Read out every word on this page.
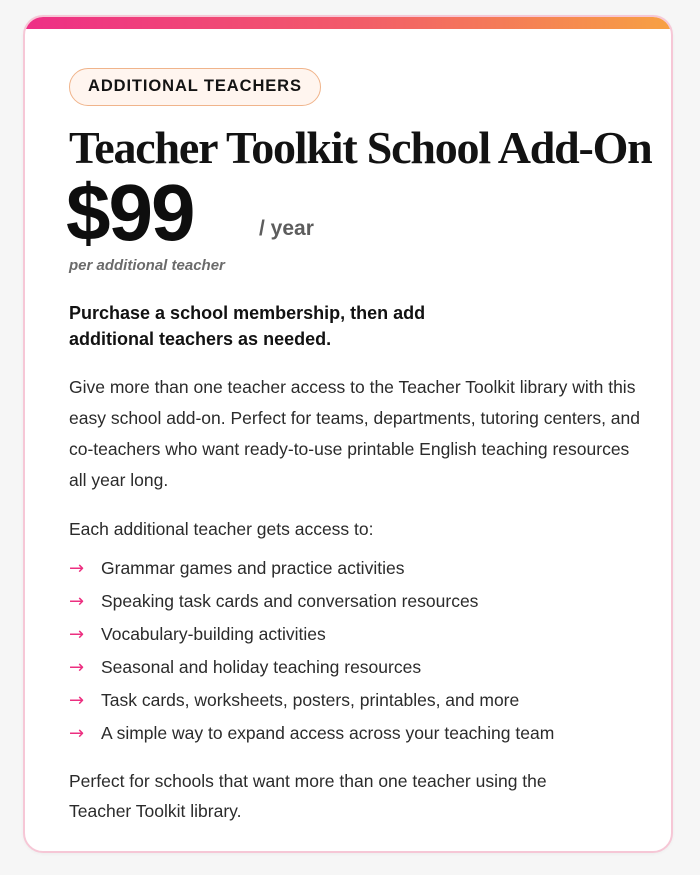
ADDITIONAL TEACHERS
Teacher Toolkit School Add-On
$99	/ year
per additional teacher
Purchase a school membership, then add additional teachers as needed.
Give more than one teacher access to the Teacher Toolkit library with this easy school add-on. Perfect for teams, departments, tutoring centers, and co-teachers who want ready-to-use printable English teaching resources all year long.
Each additional teacher gets access to:
→ Grammar games and practice activities
→ Speaking task cards and conversation resources
→ Vocabulary-building activities
→ Seasonal and holiday teaching resources
→ Task cards, worksheets, posters, printables, and more
→ A simple way to expand access across your teaching team
Perfect for schools that want more than one teacher using the Teacher Toolkit library.
